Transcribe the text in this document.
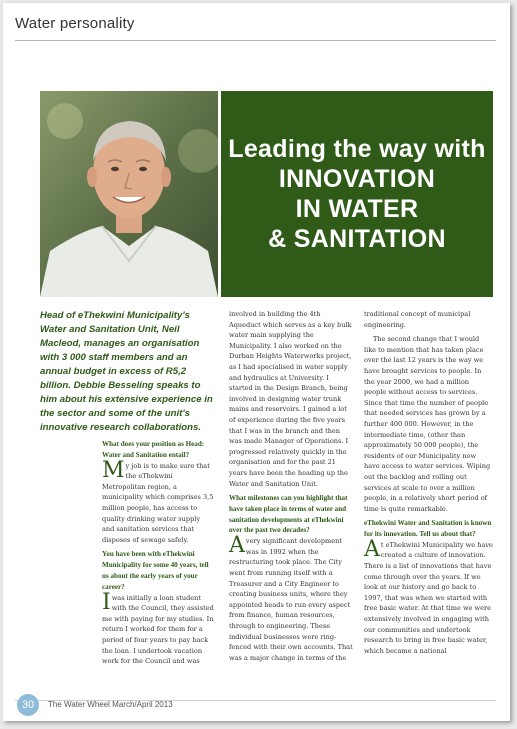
Water personality
Leading the way with
INNOVATION
IN WATER
& SANITATION

Head of eThekwini Municipality's Water and Sanitation Unit, Neil Macleod, manages an organisation with 3 000 staff members and an annual budget in excess of R5,2 billion. Debbie Besseling speaks to him about his extensive experience in the sector and some of the unit's innovative research collaborations.

What does your position as Head: Water and Sanitation entail?

My job is to make sure that the eThekwini Metropolitan region, a municipality which comprises 3,5 million people, has access to quality drinking water supply and sanitation services that disposes of sewage safely.

You have been with eThekwini Municipality for some 40 years, tell us about the early years of your career?

Iwas initially a loan student with the Council, they assisted me with paying for my studies. In return I worked for them for a period of four years to pay back the loan. I undertook vacation work for the Council and was

involved in building the 4th Aqueduct which serves as a key bulk water main supplying the Municipality. I also worked on the Durban Heights Waterworks project, as I had specialised in water supply and hydraulics at University. I started in the Design Branch, being involved in designing water trunk mains and reservoirs. I gained a lot of experience during the five years that I was in the branch and then was made Manager of Operations. I progressed relatively quickly in the organisation and for the past 21 years have been the heading up the Water and Sanitation Unit.

What milestones can you highlight that have taken place in terms of water and sanitation developments at eThekwini over the past two decades?

Avery significant development was in 1992 when the restructuring took place. The City went from running itself with a Treasurer and a City Engineer to creating business units, where they appointed heads to run every aspect from finance, human resources, through to engineering. These individual businesses were ring-fenced with their own accounts. That was a major change in terms of the

traditional concept of municipal engineering.

The second change that I would like to mention that has taken place over the last 12 years is the way we have brought services to people. In the year 2000, we had a million people without access to services. Since that time the number of people that needed services has grown by a further 400 000. However, in the intermediate time, (other than approximately 50 000 people), the residents of our Municipality now have access to water services. Wiping out the backlog and rolling out services at scale to over a million people, in a relatively short period of time is quite remarkable.

eThekwini Water and Sanitation is known for its innovation. Tell us about that?

At eThekwini Municipality we have created a culture of innovation. There is a list of innovations that have come through over the years. If we look at our history and go back to 1997, that was when we started with free basic water. At that time we were extensively involved in engaging with our communities and undertook research to bring in free basic water, which became a national

30	The Water Wheel March/April 2013
